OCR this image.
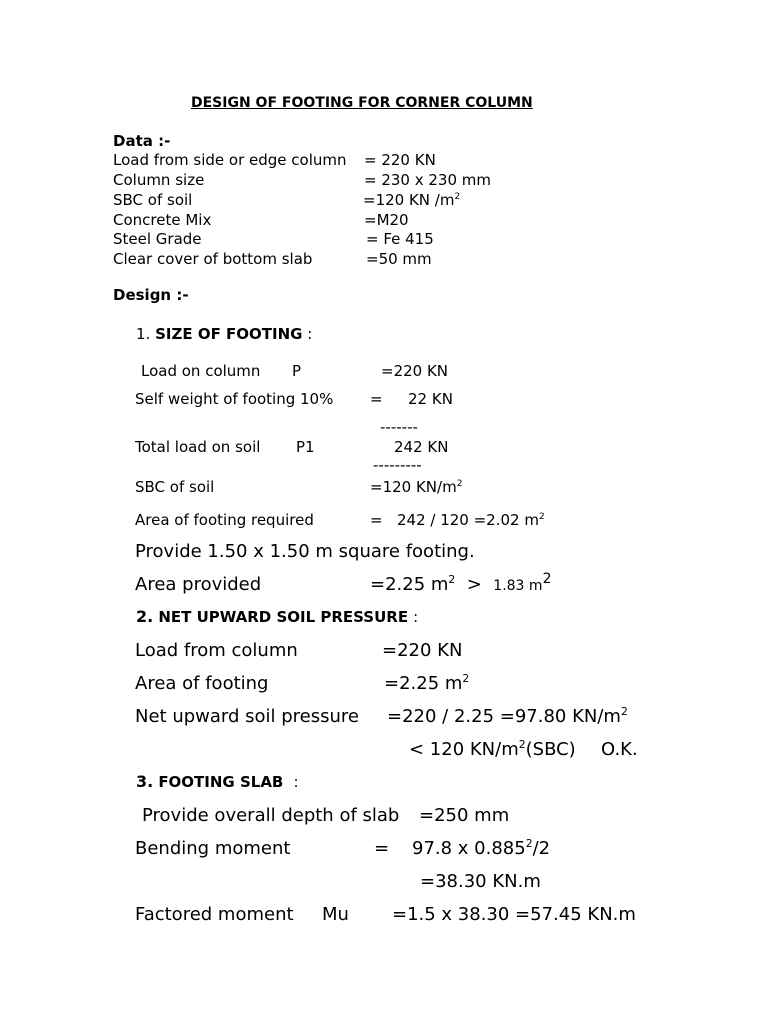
DESIGN OF FOOTING FOR CORNER COLUMN
Data :-
Load from side or edge column = 220 KN
Column size	= 230 x 230 mm
SBC of soil	=120 KN $/m^2$
Concrete Mix	=M20
Steel Grade	= Fe 415
Clear cover of bottom slab	=50 mm
Design :-
1. SIZE OF FOOTING :
Load on column P	=220 KN
Self weight of footing 10% = 22 KN
-------
Total load on soil P1	242 KN
---------
SBC of soil	=120 $KN/m^2$
Area of footing required	= 242 / 120 =2.02 $m^2$
Provide 1.50 x 1.50 m square footing.
Area provided	=2.25 $m^2 > 1.83$ $m^2$
2. NET UPWARD SOIL PRESSURE :
Load from column	=220 KN
Area of footing	=2.25 $m^2$
Net upward soil pressure =220 / 2.25 =97.80 $KN/m^2$
< 120 $KN/m^2(SBC)$ O.K.
3. FOOTING SLAB :
Provide overall depth of slab =250 mm
Bending moment	= 97.8 x $0.885^2/2$
=38.30 KN.m
Factored moment Mu =1.5 x 38.30 =57.45 KN.m
